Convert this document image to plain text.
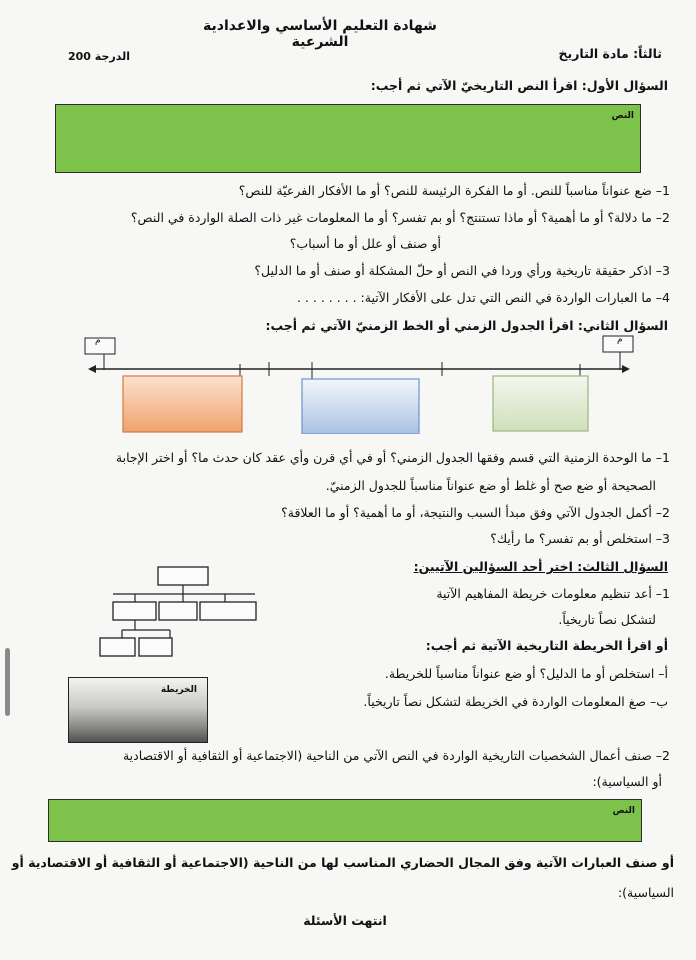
شهادة التعليم الأساسي والاعدادية الشرعية
ثالثاً: مادة التاريخ
الدرجة 200
السؤال الأول: اقرأ النص التاريخيّ الآتي ثم أجب:
النص
1– ضع عنواناً مناسباً للنص. أو ما الفكرة الرئيسة للنص؟ أو ما الأفكار الفرعيّة للنص؟
2– ما دلالة؟ أو ما أهمية؟ أو ماذا تستنتج؟ أو بم تفسر؟ أو ما المعلومات غير ذات الصلة الواردة في النص؟
أو صنف أو علل أو ما أسباب؟
3– اذكر حقيقة تاريخية ورأي وردا في النص أو حلّ المشكلة أو صنف أو ما الدليل؟
4– ما العبارات الواردة في النص التي تدل على الأفكار الآتية: . . . . . . . .
السؤال الثاني: اقرأ الجدول الزمني أو الخط الزمنيّ الآتي ثم أجب:
م	م
1– ما الوحدة الزمنية التي قسم وفقها الجدول الزمني؟ أو في أي قرن وأي عقد كان حدث ما؟ أو اختر الإجابة
الصحيحة أو ضع صح أو غلط أو ضع عنواناً مناسباً للجدول الزمنيّ.
2– أكمل الجدول الآتي وفق مبدأ السبب والنتيجة، أو ما أهمية؟ أو ما العلاقة؟
3– استخلص أو بم تفسر؟ ما رأيك؟
السؤال الثالث: اختر أحد السؤالين الآتيين:
1– أعد تنظيم معلومات خريطة المفاهيم الآتية
لتشكل نصاً تاريخياً.
أو اقرأ الخريطة التاريخية الآتية ثم أجب:
الخريطة
أ– استخلص أو ما الدليل؟ أو ضع عنواناً مناسباً للخريطة.
ب– صغ المعلومات الواردة في الخريطة لتشكل نصاً تاريخياً.
2– صنف أعمال الشخصيات التاريخية الواردة في النص الآتي من الناحية (الاجتماعية أو الثقافية أو الاقتصادية
أو السياسية):
النص
أو صنف العبارات الآتية وفق المجال الحضاري المناسب لها من الناحية (الاجتماعية أو الثقافية أو الاقتصادية أو
السياسية):
انتهت الأسئلة
